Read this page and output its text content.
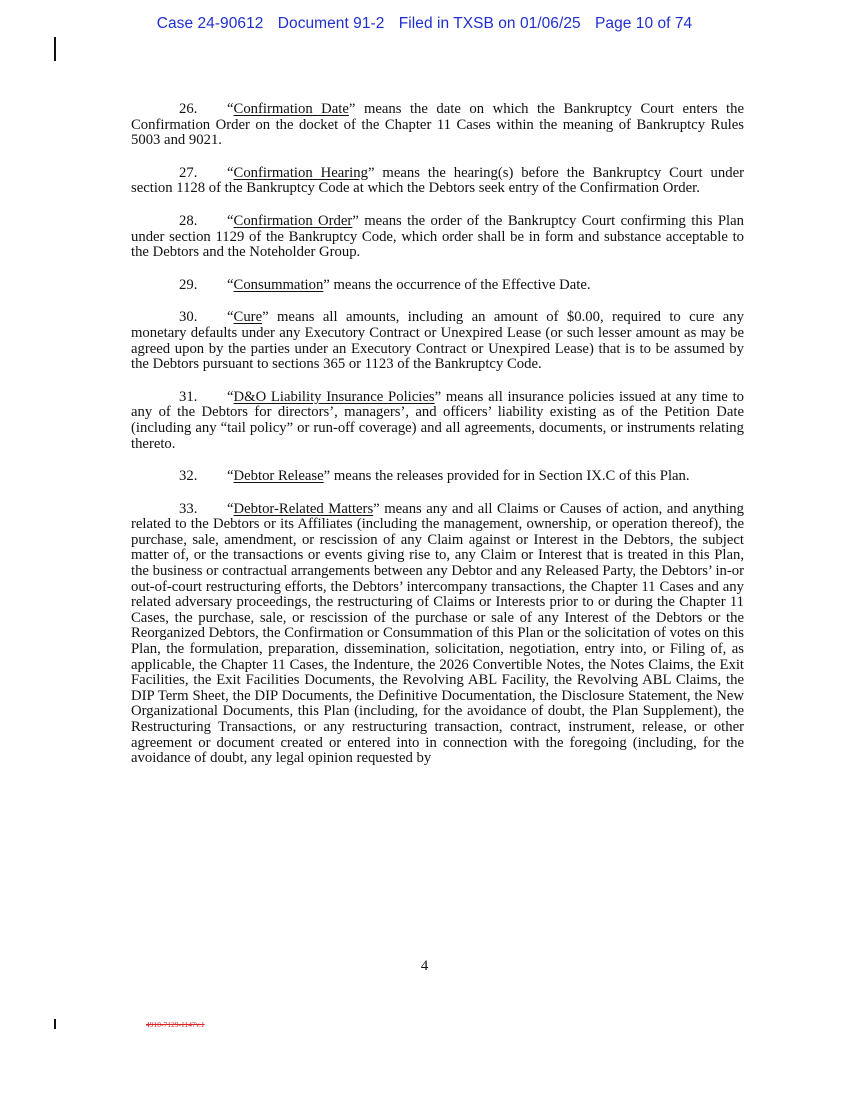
Case 24-90612 Document 91-2 Filed in TXSB on 01/06/25 Page 10 of 74

26. “Confirmation Date” means the date on which the Bankruptcy Court enters the Confirmation Order on the docket of the Chapter 11 Cases within the meaning of Bankruptcy Rules 5003 and 9021.

27. “Confirmation Hearing” means the hearing(s) before the Bankruptcy Court under section 1128 of the Bankruptcy Code at which the Debtors seek entry of the Confirmation Order.

28. “Confirmation Order” means the order of the Bankruptcy Court confirming this Plan under section 1129 of the Bankruptcy Code, which order shall be in form and substance acceptable to the Debtors and the Noteholder Group.

29. “Consummation” means the occurrence of the Effective Date.

30. “Cure” means all amounts, including an amount of $0.00, required to cure any monetary defaults under any Executory Contract or Unexpired Lease (or such lesser amount as may be agreed upon by the parties under an Executory Contract or Unexpired Lease) that is to be assumed by the Debtors pursuant to sections 365 or 1123 of the Bankruptcy Code.

31. “D&O Liability Insurance Policies” means all insurance policies issued at any time to any of the Debtors for directors’, managers’, and officers’ liability existing as of the Petition Date (including any “tail policy” or run-off coverage) and all agreements, documents, or instruments relating thereto.

32. “Debtor Release” means the releases provided for in Section IX.C of this Plan.

33. “Debtor-Related Matters” means any and all Claims or Causes of action, and anything related to the Debtors or its Affiliates (including the management, ownership, or operation thereof), the purchase, sale, amendment, or rescission of any Claim against or Interest in the Debtors, the subject matter of, or the transactions or events giving rise to, any Claim or Interest that is treated in this Plan, the business or contractual arrangements between any Debtor and any Released Party, the Debtors’ in-or out-of-court restructuring efforts, the Debtors’ intercompany transactions, the Chapter 11 Cases and any related adversary proceedings, the restructuring of Claims or Interests prior to or during the Chapter 11 Cases, the purchase, sale, or rescission of the purchase or sale of any Interest of the Debtors or the Reorganized Debtors, the Confirmation or Consummation of this Plan or the solicitation of votes on this Plan, the formulation, preparation, dissemination, solicitation, negotiation, entry into, or Filing of, as applicable, the Chapter 11 Cases, the Indenture, the 2026 Convertible Notes, the Notes Claims, the Exit Facilities, the Exit Facilities Documents, the Revolving ABL Facility, the Revolving ABL Claims, the DIP Term Sheet, the DIP Documents, the Definitive Documentation, the Disclosure Statement, the New Organizational Documents, this Plan (including, for the avoidance of doubt, the Plan Supplement), the Restructuring Transactions, or any restructuring transaction, contract, instrument, release, or other agreement or document created or entered into in connection with the foregoing (including, for the avoidance of doubt, any legal opinion requested by

4
4910-7129-1147v.1
